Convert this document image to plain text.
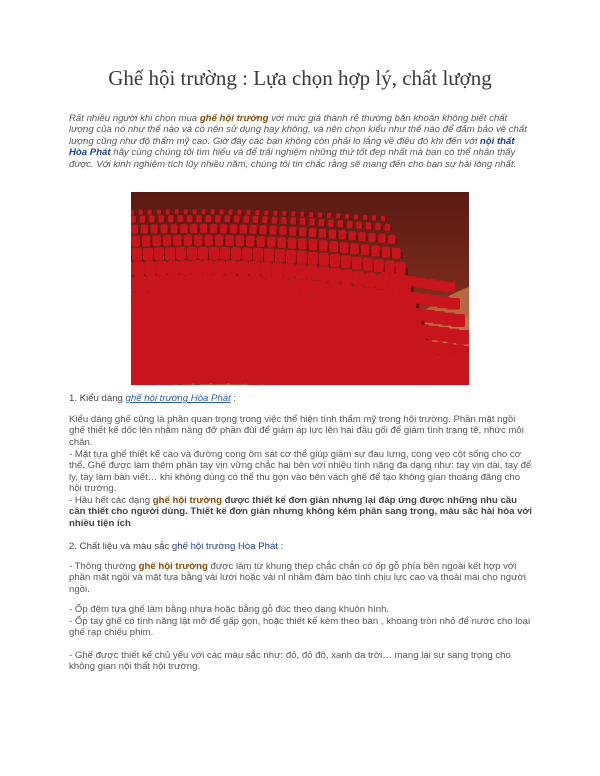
Ghế hội trường : Lựa chọn hợp lý, chất lượng

Rất nhiều người khi chọn mua ghế hội trường với mức giá thành rẻ thường băn khoăn không biết chất lượng của nó như thế nào và có nên sử dụng hay không, và nên chọn kiểu như thế nào để đảm bảo về chất lượng cũng như độ thẩm mỹ cao. Giờ đây các bạn không còn phải lo lắng về điều đó khi đến với nội thất Hòa Phát hãy cùng chúng tôi tìm hiểu và để trải nghiệm những thứ tốt đẹp nhất mà bạn có thể nhận thấy được. Với kinh nghiệm tích lũy nhiều năm, chúng tôi tin chắc rằng sẽ mang đến cho bạn sự hài lòng nhất.

1. Kiểu dáng ghế hội trường Hòa Phát :

Kiểu dáng ghế cũng là phần quan trọng trong việc thể hiện tính thẩm mỹ trong hội trường. Phần mặt ngồi ghế thiết kế dốc lên nhằm nâng đỡ phần đùi để giảm áp lực lên hai đầu gối để giảm tình trạng tê, nhức mỏi chân.

- Mặt tựa ghế thiết kế cao và đường cong ôm sát cơ thể giúp giảm sự đau lưng, cong vẹo cột sống cho cơ thể. Ghế được làm thêm phần tay vịn vững chắc hai bên với nhiều tính năng đa dạng như: tay vịn dài, tay để ly, tay làm bàn viết… khi không dùng có thể thu gọn vào bên vách ghế để tạo không gian thoáng đãng cho hội trường.

- Hầu hết các dạng ghế hội trường được thiết kế đơn giản nhưng lại đáp ứng được những nhu cầu cần thiết cho người dùng. Thiết kế đơn giản nhưng không kém phần sang trọng, màu sắc hài hòa với nhiều tiện ích

2. Chất liệu và màu sắc ghế hội trường Hòa Phát :

- Thông thường ghế hội trường được làm từ khung thép chắc chắn có ốp gỗ phía bên ngoài kết hợp với phần mặt ngồi và mặt tựa bằng vải lưới hoặc vải nỉ nhằm đảm bảo tính chịu lực cao và thoải mái cho người ngồi.

- Ốp đệm tựa ghế làm bằng nhựa hoặc bằng gỗ đúc theo dạng khuôn hình.

- Ốp tay ghế có tính năng lật mở để gấp gọn, hoặc thiết kế kèm theo bàn , khoang tròn nhỏ để nước cho loại ghế rạp chiếu phim.

- Ghế được thiết kế chủ yếu với các màu sắc như: đỏ, đỏ đô, xanh da trời… mang lại sự sang trọng cho không gian nội thất hội trường.
